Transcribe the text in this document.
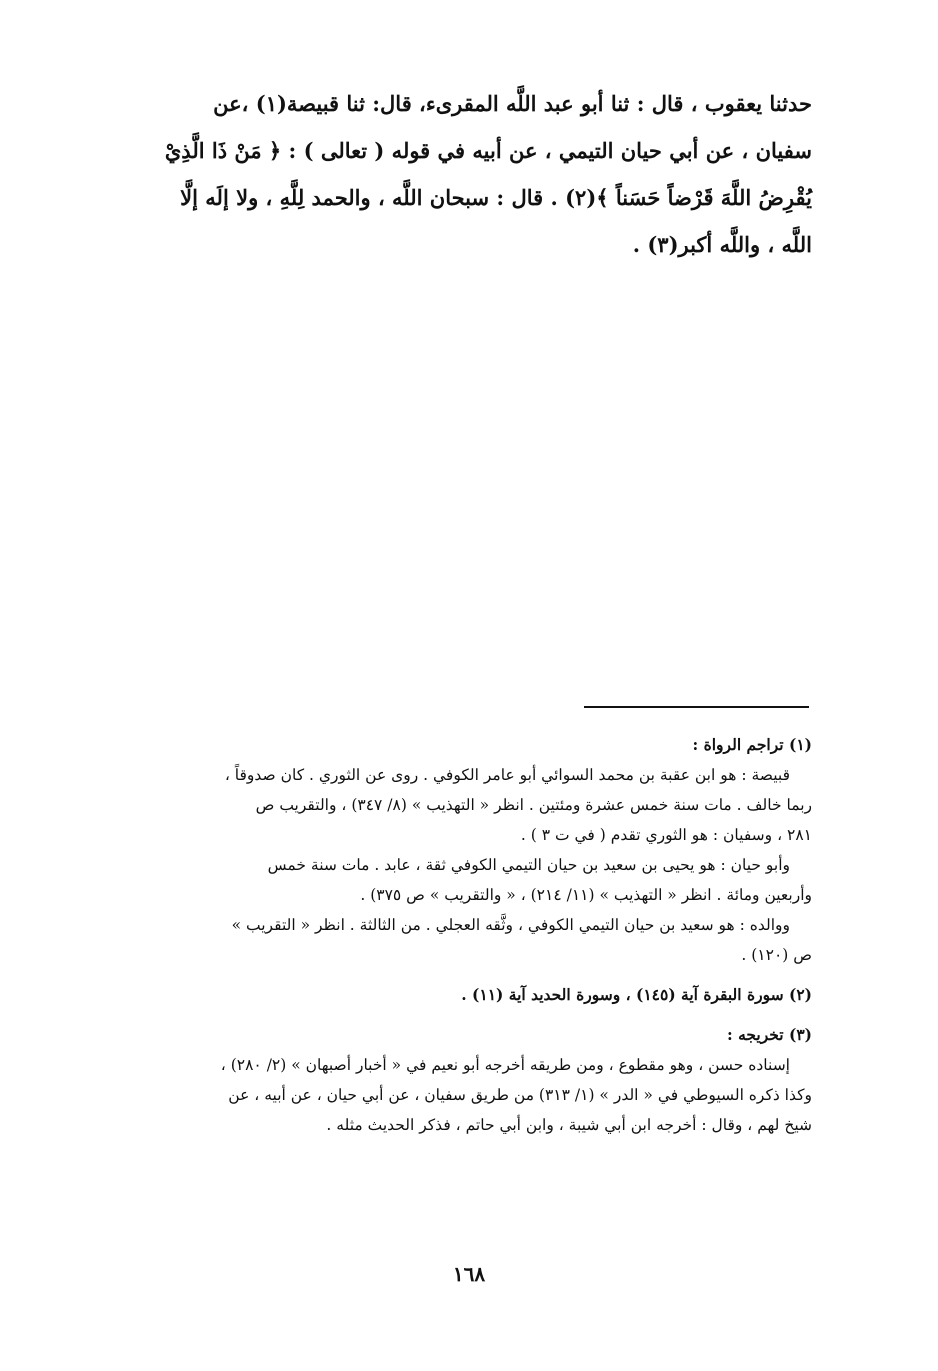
حدثنا يعقوب ، قال : ثنا أبو عبد اللَّه المقرىء، قال: ثنا قبيصة(١) ،عن

سفيان ، عن أبي حيان التيمي ، عن أبيه في قوله ( تعالى ) : ﴿ مَنْ ذَا الَّذِيْ

يُقْرِضُ اللَّهَ قَرْضاً حَسَناً ﴾(٢) . قال : سبحان اللَّه ، والحمد لِلَّهِ ، ولا إلَه إلَّا

اللَّه ، واللَّه أكبر(٣) .

(١) تراجم الرواة :

قبيصة : هو ابن عقبة بن محمد السوائي أبو عامر الكوفي . روى عن الثوري . كان صدوقاً ،

ربما خالف . مات سنة خمس عشرة ومئتين . انظر « التهذيب » (٨/ ٣٤٧) ، والتقريب ص

٢٨١ ، وسفيان : هو الثوري تقدم ( في ت ٣ ) .

وأبو حيان : هو يحيى بن سعيد بن حيان التيمي الكوفي ثقة ، عابد . مات سنة خمس

وأربعين ومائة . انظر « التهذيب » (١١/ ٢١٤) ، « والتقريب » ص ٣٧٥) .

ووالده : هو سعيد بن حيان التيمي الكوفي ، وثَّقه العجلي . من الثالثة . انظر « التقريب »

ص (١٢٠) .

(٢) سورة البقرة آية (١٤٥) ، وسورة الحديد آية (١١) .

(٣) تخريجه :

إسناده حسن ، وهو مقطوع ، ومن طريقه أخرجه أبو نعيم في « أخبار أصبهان » (٢/ ٢٨٠) ،

وكذا ذكره السيوطي في « الدر » (١/ ٣١٣) من طريق سفيان ، عن أبي حيان ، عن أبيه ، عن

شيخ لهم ، وقال : أخرجه ابن أبي شيبة ، وابن أبي حاتم ، فذكر الحديث مثله .

١٦٨
